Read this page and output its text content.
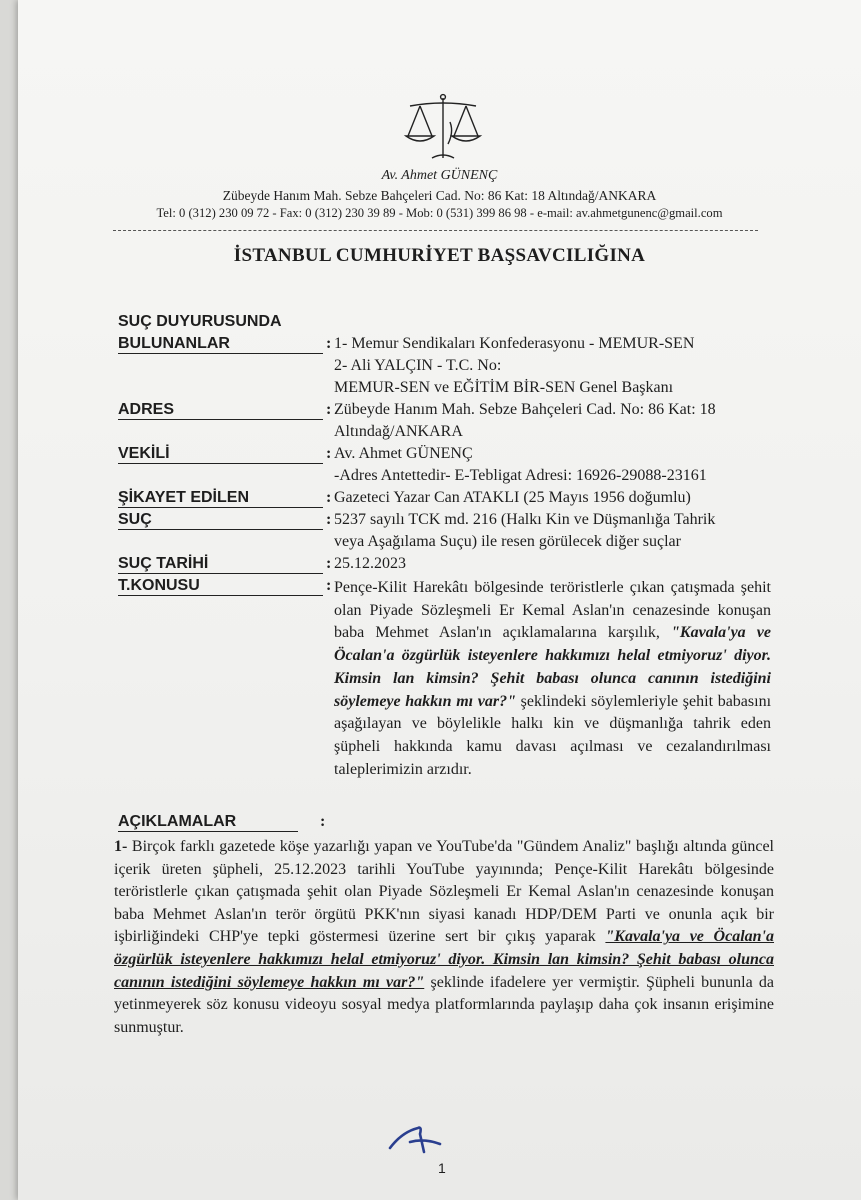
Av. Ahmet GÜNENÇ
Zübeyde Hanım Mah. Sebze Bahçeleri Cad. No: 86 Kat: 18 Altındağ/ANKARA
Tel: 0 (312) 230 09 72 - Fax: 0 (312) 230 39 89 - Mob: 0 (531) 399 86 98 - e-mail: av.ahmetgunenc@gmail.com
İSTANBUL CUMHURİYET BAŞSAVCILIĞINA
SUÇ DUYURUSUNDA
BULUNANLAR	: 1- Memur Sendikaları Konfederasyonu - MEMUR-SEN
2- Ali YALÇIN - T.C. No:
MEMUR-SEN ve EĞİTİM BİR-SEN Genel Başkanı
ADRES	: Zübeyde Hanım Mah. Sebze Bahçeleri Cad. No: 86 Kat: 18
Altındağ/ANKARA
VEKİLİ	: Av. Ahmet GÜNENÇ
-Adres Antettedir- E-Tebligat Adresi: 16926-29088-23161
ŞİKAYET EDİLEN	: Gazeteci Yazar Can ATAKLI (25 Mayıs 1956 doğumlu)
SUÇ	: 5237 sayılı TCK md. 216 (Halkı Kin ve Düşmanlığa Tahrik
veya Aşağılama Suçu) ile resen görülecek diğer suçlar
SUÇ TARİHİ	: 25.12.2023
T.KONUSU	: Pençe-Kilit Harekâtı bölgesinde teröristlerle çıkan çatışmada şehit olan Piyade Sözleşmeli Er Kemal Aslan'ın cenazesinde konuşan baba Mehmet Aslan'ın açıklamalarına karşılık, "Kavala'ya ve Öcalan'a özgürlük isteyenlere hakkımızı helal etmiyoruz' diyor. Kimsin lan kimsin? Şehit babası olunca canının istediğini söylemeye hakkın mı var?" şeklindeki söylemleriyle şehit babasını aşağılayan ve böylelikle halkı kin ve düşmanlığa tahrik eden şüpheli hakkında kamu davası açılması ve cezalandırılması taleplerimizin arzıdır.

AÇIKLAMALAR	:

1- Birçok farklı gazetede köşe yazarlığı yapan ve YouTube'da "Gündem Analiz" başlığı altında güncel içerik üreten şüpheli, 25.12.2023 tarihli YouTube yayınında; Pençe-Kilit Harekâtı bölgesinde teröristlerle çıkan çatışmada şehit olan Piyade Sözleşmeli Er Kemal Aslan'ın cenazesinde konuşan baba Mehmet Aslan'ın terör örgütü PKK'nın siyasi kanadı HDP/DEM Parti ve onunla açık bir işbirliğindeki CHP'ye tepki göstermesi üzerine sert bir çıkış yaparak "Kavala'ya ve Öcalan'a özgürlük isteyenlere hakkımızı helal etmiyoruz' diyor. Kimsin lan kimsin? Şehit babası olunca canının istediğini söylemeye hakkın mı var?" şeklinde ifadelere yer vermiştir. Şüpheli bununla da yetinmeyerek söz konusu videoyu sosyal medya platformlarında paylaşıp daha çok insanın erişimine sunmuştur.

1
